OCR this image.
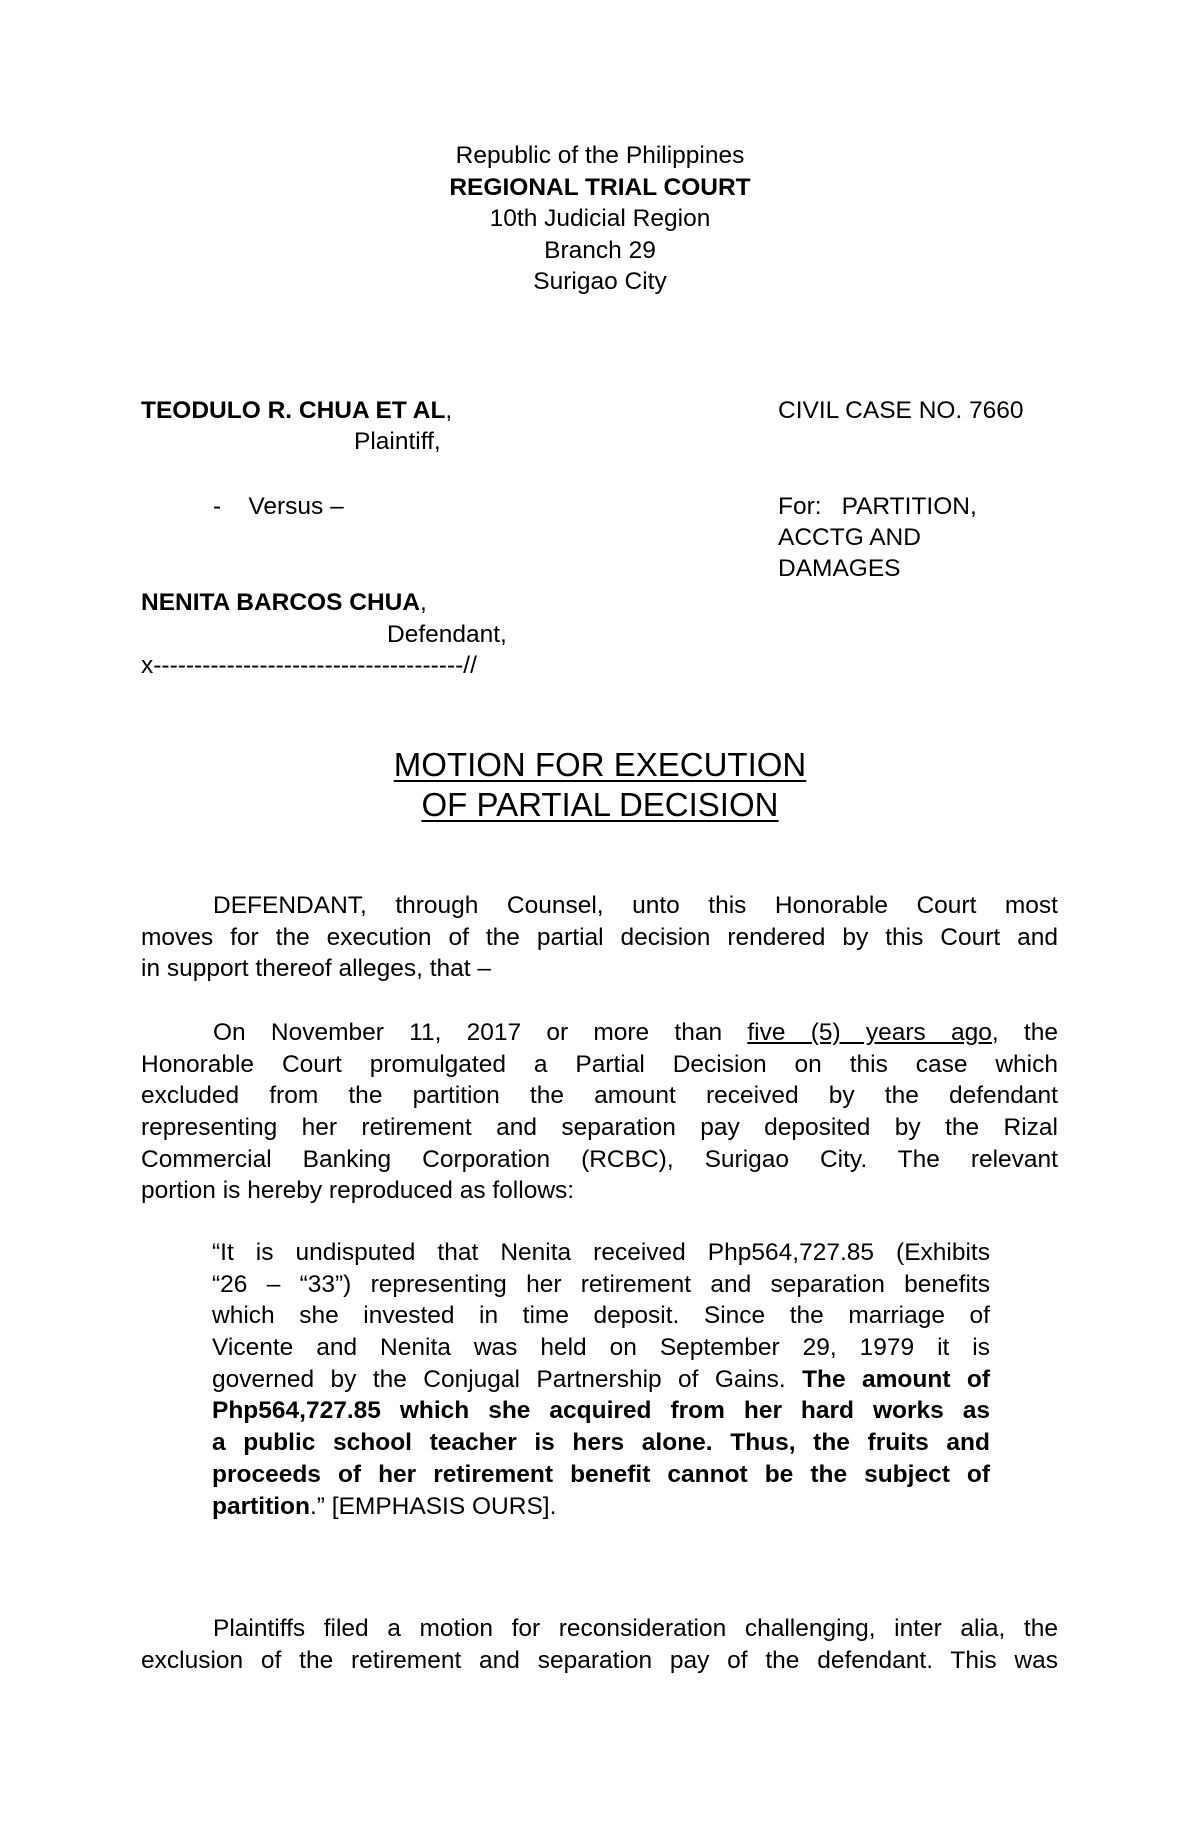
Republic of the Philippines
REGIONAL TRIAL COURT
10th Judicial Region
Branch 29
Surigao City
TEODULO R. CHUA ET AL,
Plaintiff,
-    Versus –
NENITA BARCOS CHUA,
Defendant,
x--------------------------------------//
CIVIL CASE NO. 7660
For: PARTITION,
ACCTG AND
DAMAGES
MOTION FOR EXECUTION
OF PARTIAL DECISION
DEFENDANT, through Counsel, unto this Honorable Court most
moves for the execution of the partial decision rendered by this Court and
in support thereof alleges, that –
On November 11, 2017 or more than five (5) years ago, the
Honorable Court promulgated a Partial Decision on this case which
excluded from the partition the amount received by the defendant
representing her retirement and separation pay deposited by the Rizal
Commercial Banking Corporation (RCBC), Surigao City. The relevant
portion is hereby reproduced as follows:
“It is undisputed that Nenita received Php564,727.85 (Exhibits
“26 – “33”) representing her retirement and separation benefits
which she invested in time deposit. Since the marriage of
Vicente and Nenita was held on September 29, 1979 it is
governed by the Conjugal Partnership of Gains. The amount of
Php564,727.85 which she acquired from her hard works as
a public school teacher is hers alone. Thus, the fruits and
proceeds of her retirement benefit cannot be the subject of
partition.” [EMPHASIS OURS].
Plaintiffs filed a motion for reconsideration challenging, inter alia, the
exclusion of the retirement and separation pay of the defendant. This was
